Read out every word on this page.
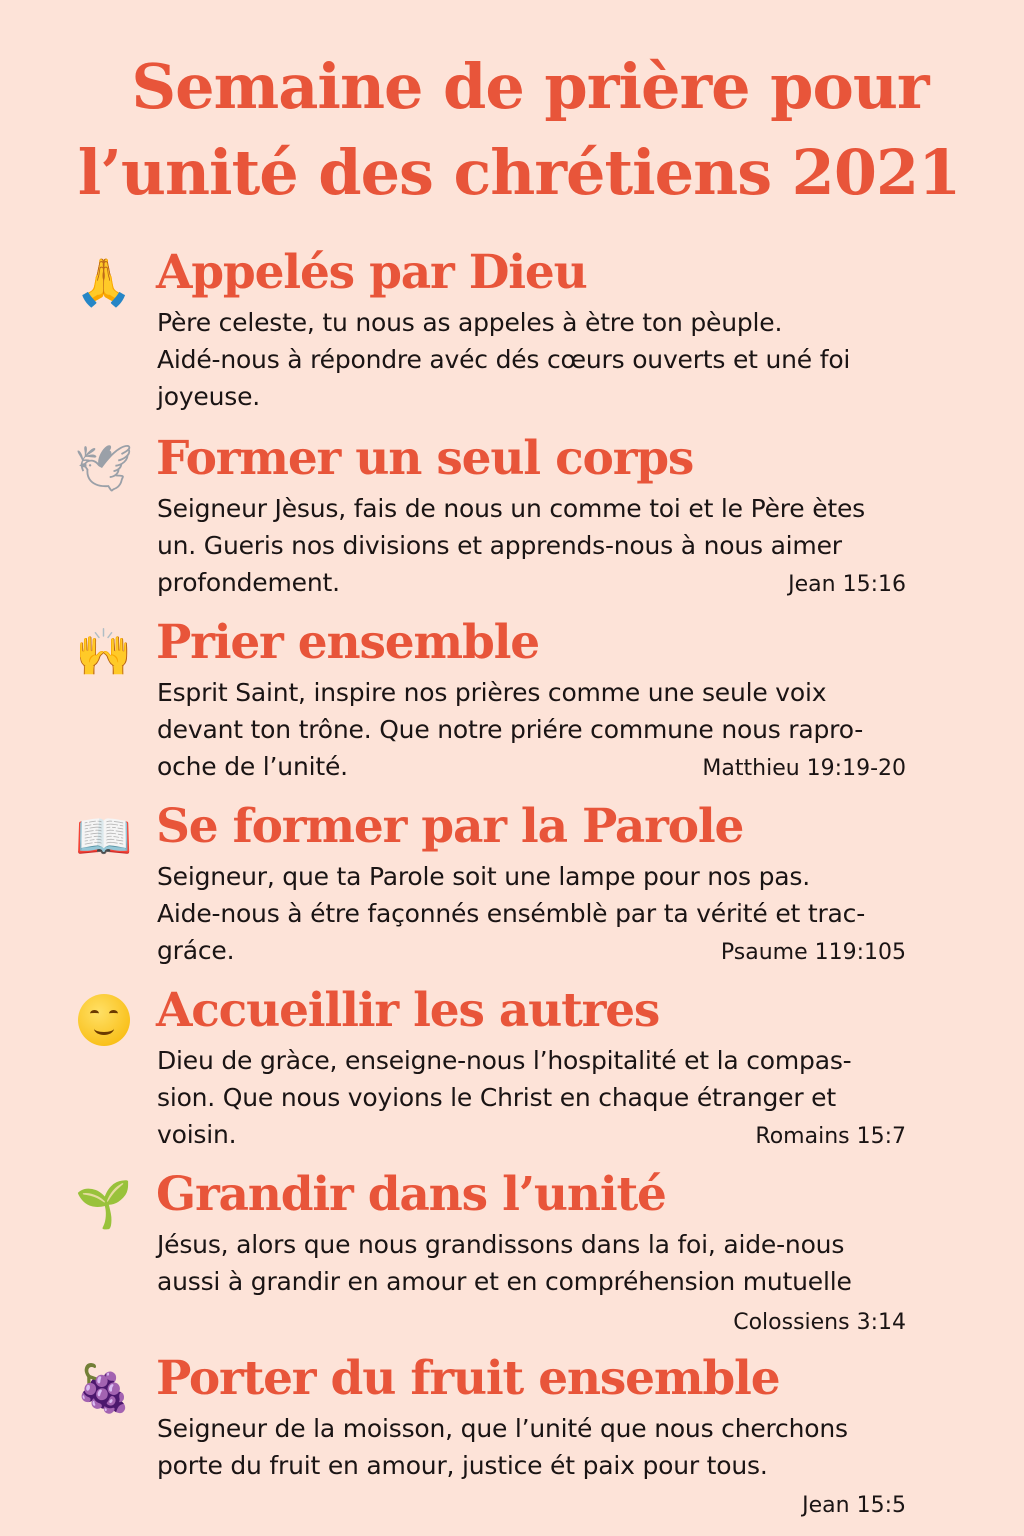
Semaine de prière pour
l’unité des chrétiens 2021
🙏 Appelés par Dieu

Père celeste, tu nous as appeles à ètre ton pèuple.
Aidé-nous à répondre avéc dés cœurs ouverts et uné foi
joyeuse.

🕊 Former un seul corps

Seigneur Jèsus, fais de nous un comme toi et le Père ètes
un. Gueris nos divisions et apprends-nous à nous aimer
profondement.	Jean 15:16
🙌 Prier ensemble

Esprit Saint, inspire nos prières comme une seule voix
devant ton trône. Que notre priére commune nous rapro-
oche de l’unité.	Matthieu 19:19-20
📖 Se former par la Parole

Seigneur, que ta Parole soit une lampe pour nos pas.
Aide-nous à étre façonnés ensémblè par ta vérité et trac-
gráce.	Psaume 119:105
Accueillir les autres

Dieu de gràce, enseigne-nous l’hospitalité et la compas-
sion. Que nous voyions le Christ en chaque étranger et
voisin.	Romains 15:7
🌱 Grandir dans l’unité

Jésus, alors que nous grandissons dans la foi, aide-nous
aussi à grandir en amour et en compréhension mutuelle

Colossiens 3:14
🍇 Porter du fruit ensemble

Seigneur de la moisson, que l’unité que nous cherchons
porte du fruit en amour, justice ét paix pour tous.

Jean 15:5
